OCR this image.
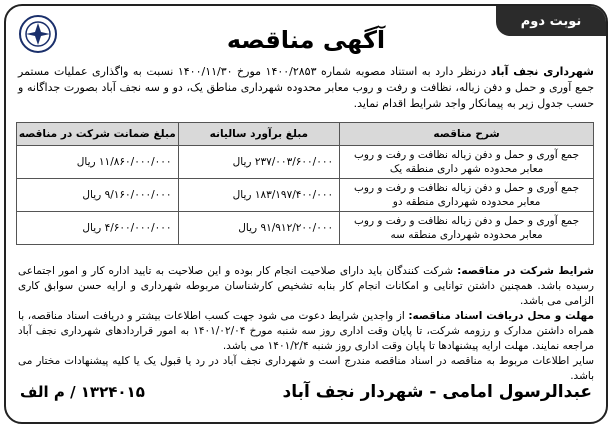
نوبت دوم
آگهی مناقصه
شهرداری نجف آباد درنظر دارد به استناد مصوبه شماره ۱۴۰۰/۲۸۵۳ مورخ ۱۴۰۰/۱۱/۳۰ نسبت به واگذاری عملیات مستمر جمع آوری و حمل و دفن زباله، نظافت و رفت و روب معابر محدوده شهرداری مناطق یک، دو و سه نجف آباد بصورت جداگانه و حسب جدول زیر به پیمانکار واجد شرایط اقدام نماید.
شرح مناقصه	مبلغ برآورد سالیانه	مبلغ ضمانت شرکت در مناقصه
جمع آوری و حمل و دفن زباله نظافت و رفت و روب معابر محدوده شهر داری منطقه یک	۲۳۷/۰۰۳/۶۰۰/۰۰۰ ریال	۱۱/۸۶۰/۰۰۰/۰۰۰ ریال
جمع آوری و حمل و دفن زباله نظافت و رفت و روب معابر محدوده شهرداری منطقه دو	۱۸۳/۱۹۷/۴۰۰/۰۰۰ ریال	۹/۱۶۰/۰۰۰/۰۰۰ ریال
جمع آوری و حمل و دفن زباله نظافت و رفت و روب معابر محدوده شهرداری منطقه سه	۹۱/۹۱۲/۲۰۰/۰۰۰ ریال	۴/۶۰۰/۰۰۰/۰۰۰ ریال
شرایط شرکت در مناقصه: شرکت کنندگان باید دارای صلاحیت انجام کار بوده و این صلاحیت به تایید اداره کار و امور اجتماعی رسیده باشد. همچنین داشتن توانایی و امکانات انجام کار بنابه تشخیص کارشناسان مربوطه شهرداری و ارایه حسن سوابق کاری الزامی می باشد.
مهلت و محل دریافت اسناد مناقصه: از واجدین شرایط دعوت می شود جهت کسب اطلاعات بیشتر و دریافت اسناد مناقصه، با همراه داشتن مدارک و رزومه شرکت، تا پایان وقت اداری روز سه شنبه مورخ ۱۴۰۱/۰۲/۰۴ به امور قراردادهای شهرداری نجف آباد مراجعه نمایند. مهلت ارایه پیشنهادها تا پایان وقت اداری روز شنبه ۱۴۰۱/۲/۴ می باشد.
سایر اطلاعات مربوط به مناقصه در اسناد مناقصه مندرج است و شهرداری نجف آباد در رد یا قبول یک یا کلیه پیشنهادات مختار می باشد.
عبدالرسول امامی - شهردار نجف آباد
۱۳۲۴۰۱۵ / م الف
